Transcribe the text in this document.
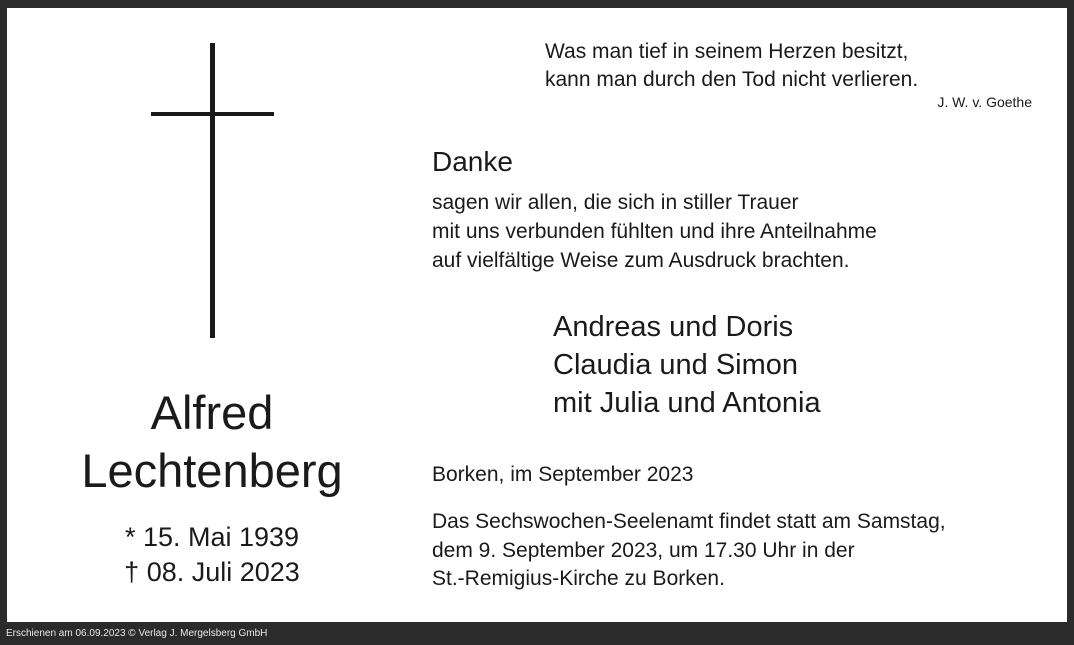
Alfred
Lechtenberg
* 15. Mai 1939
† 08. Juli 2023
Was man tief in seinem Herzen besitzt,
kann man durch den Tod nicht verlieren.
J. W. v. Goethe
Danke
sagen wir allen, die sich in stiller Trauer
mit uns verbunden fühlten und ihre Anteilnahme
auf vielfältige Weise zum Ausdruck brachten.
Andreas und Doris
Claudia und Simon
mit Julia und Antonia
Borken, im September 2023
Das Sechswochen-Seelenamt findet statt am Samstag,
dem 9. September 2023, um 17.30 Uhr in der
St.-Remigius-Kirche zu Borken.
Erschienen am 06.09.2023 © Verlag J. Mergelsberg GmbH
